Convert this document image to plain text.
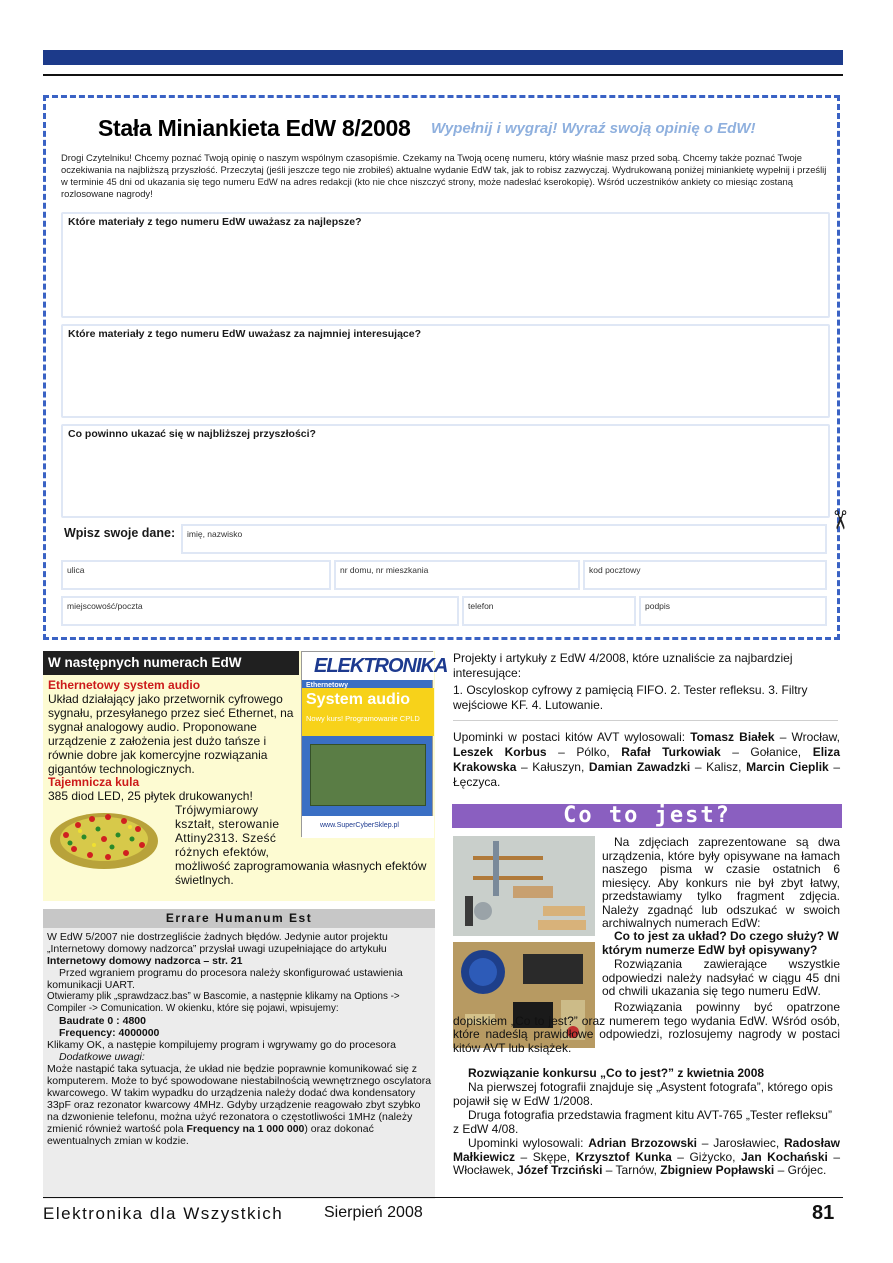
Stała Miniankieta EdW 8/2008 Wypełnij i wygraj! Wyraź swoją opinię o EdW!
Drogi Czytelniku! Chcemy poznać Twoją opinię o naszym wspólnym czasopiśmie. Czekamy na Twoją ocenę numeru, który właśnie masz przed sobą. Chcemy także poznać Twoje oczekiwania na najbliższą przyszłość. Przeczytaj (jeśli jeszcze tego nie zrobiłeś) aktualne wydanie EdW tak, jak to robisz zazwyczaj. Wydrukowaną poniżej miniankietę wypełnij i prześlij w terminie 45 dni od ukazania się tego numeru EdW na adres redakcji (kto nie chce niszczyć strony, może nadesłać kserokopię). Wśród uczestników ankiety co miesiąc zostaną rozlosowane nagrody!
Które materiały z tego numeru EdW uważasz za najlepsze?
Które materiały z tego numeru EdW uważasz za najmniej interesujące?
Co powinno ukazać się w najbliższej przyszłości?
Wpisz swoje dane: imię, nazwisko
ulica	nr domu, nr mieszkania	kod pocztowy
miejscowość/poczta	telefon	podpis
✂
W następnych numerach EdW
Ethernetowy system audio
Układ działający jako przetwornik cyfrowego sygnału, przesyłanego przez sieć Ethernet, na sygnał analogowy audio. Proponowane urządzenie z założenia jest dużo tańsze i równie dobre jak komercyjne rozwiązania gigantów technologicznych.
Tajemnicza kula
385 diod LED, 25 płytek drukowanych!
Trójwymiarowy kształt, sterowanie Attiny2313. Sześć różnych efektów,
możliwość zaprogramowania własnych efektów świetlnych.
ELEKTRONIKA
Ethernetowy
System audio
Nowy kurs! Programowanie CPLD
www.SuperCyberSklep.pl
Errare Humanum Est

W EdW 5/2007 nie dostrzegliście żadnych błędów. Jedynie autor projektu „Internetowy domowy nadzorca” przysłał uwagi uzupełniające do artykułu Internetowy domowy nadzorca – str. 21

Przed wgraniem programu do procesora należy skonfigurować ustawienia komunikacji UART.

Otwieramy plik „sprawdzacz.bas” w Bascomie, a następnie klikamy na Options -> Compiler -> Comunication. W okienku, które się pojawi, wpisujemy:

Baudrate 0 : 4800

Frequency: 4000000

Klikamy OK, a następie kompilujemy program i wgrywamy go do procesora

Dodatkowe uwagi:

Może nastąpić taka sytuacja, że układ nie będzie poprawnie komunikować się z komputerem. Może to być spowodowane niestabilnością wewnętrznego oscylatora kwarcowego. W takim wypadku do urządzenia należy dodać dwa kondensatory 33pF oraz rezonator kwarcowy 4MHz. Gdyby urządzenie reagowało zbyt szybko na dzwonienie telefonu, można użyć rezonatora o częstotliwości 1MHz (należy zmienić również wartość pola Frequency na 1 000 000) oraz dokonać ewentualnych zmian w kodzie.

Projekty i artykuły z EdW 4/2008, które uznaliście za najbardziej interesujące:
1. Oscyloskop cyfrowy z pamięcią FIFO. 2. Tester refleksu. 3. Filtry wejściowe KF. 4. Lutowanie.
Upominki w postaci kitów AVT wylosowali: Tomasz Białek – Wrocław, Leszek Korbus – Pólko, Rafał Turkowiak – Gołanice, Eliza Krakowska – Kałuszyn, Damian Zawadzki – Kalisz, Marcin Cieplik – Łęczyca.
Co to jest?
Na zdjęciach zaprezentowane są dwa urządzenia, które były opisywane na łamach naszego pisma w czasie ostatnich 6 miesięcy. Aby konkurs nie był zbyt łatwy, przedstawiamy tylko fragment zdjęcia. Należy zgadnąć lub odszukać w swoich archiwalnych numerach EdW:
Co to jest za układ? Do czego służy? W którym numerze EdW był opisywany?
Rozwiązania zawierające wszystkie odpowiedzi należy nadsyłać w ciągu 45 dni od chwili ukazania się tego numeru EdW.
Rozwiązania powinny być opatrzone dopiskiem „Co to jest?” oraz numerem tego wydania EdW. Wśród osób, które nadeślą prawidłowe odpowiedzi, rozlosujemy nagrody w postaci kitów AVT lub książek.
Rozwiązanie konkursu „Co to jest?” z kwietnia 2008
Na pierwszej fotografii znajduje się „Asystent fotografa”, którego opis pojawił się w EdW 1/2008.
Druga fotografia przedstawia fragment kitu AVT-765 „Tester refleksu” z EdW 4/08.
Upominki wylosowali: Adrian Brzozowski – Jarosławiec, Radosław Małkiewicz – Skępe, Krzysztof Kunka – Giżycko, Jan Kochański – Włocławek, Józef Trzciński – Tarnów, Zbigniew Popławski – Grójec.
Elektronika dla Wszystkich	Sierpień 2008	81
